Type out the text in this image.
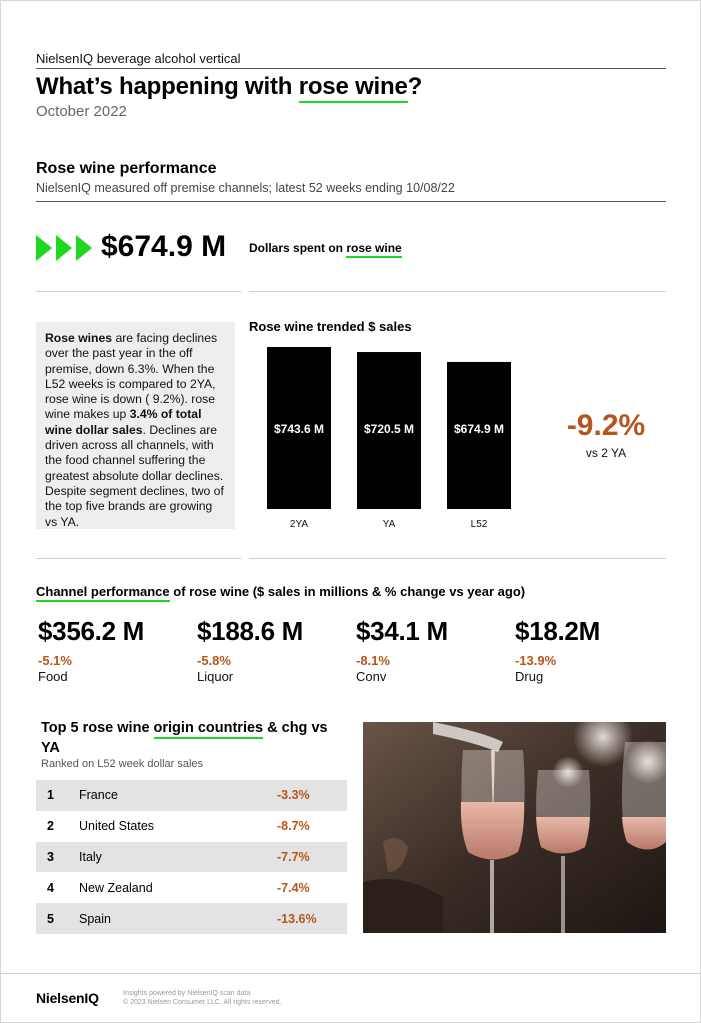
NielsenIQ beverage alcohol vertical
What’s happening with rose wine?
October 2022
Rose wine performance
NielsenIQ measured off premise channels; latest 52 weeks ending 10/08/22
$674.9 M Dollars spent on rose wine
Rose wines are facing declines over the past year in the off premise, down 6.3%. When the L52 weeks is compared to 2YA, rose wine is down ( 9.2%). rose wine makes up 3.4% of total wine dollar sales. Declines are driven across all channels, with the food channel suffering the greatest absolute dollar declines. Despite segment declines, two of the top five brands are growing vs YA.
Rose wine trended $ sales
$743.6 M
2YA
$720.5 M
YA
$674.9 M
L52
-9.2%
vs 2 YA
Channel performance of rose wine ($ sales in millions & % change vs year ago)
$356.2 M
-5.1%
Food
$188.6 M
-5.8%
Liquor
$34.1 M
-8.1%
Conv
$18.2M
-13.9%
Drug
Top 5 rose wine origin countries & chg vs YA
Ranked on L52 week dollar sales
1	France	-3.3%
2	United States	-8.7%
3	Italy	-7.7%
4	New Zealand	-7.4%
5	Spain	-13.6%
NielsenIQ	Insights powered by NielsenIQ scan data
© 2023 Nielsen Consumer LLC. All rights reserved.
